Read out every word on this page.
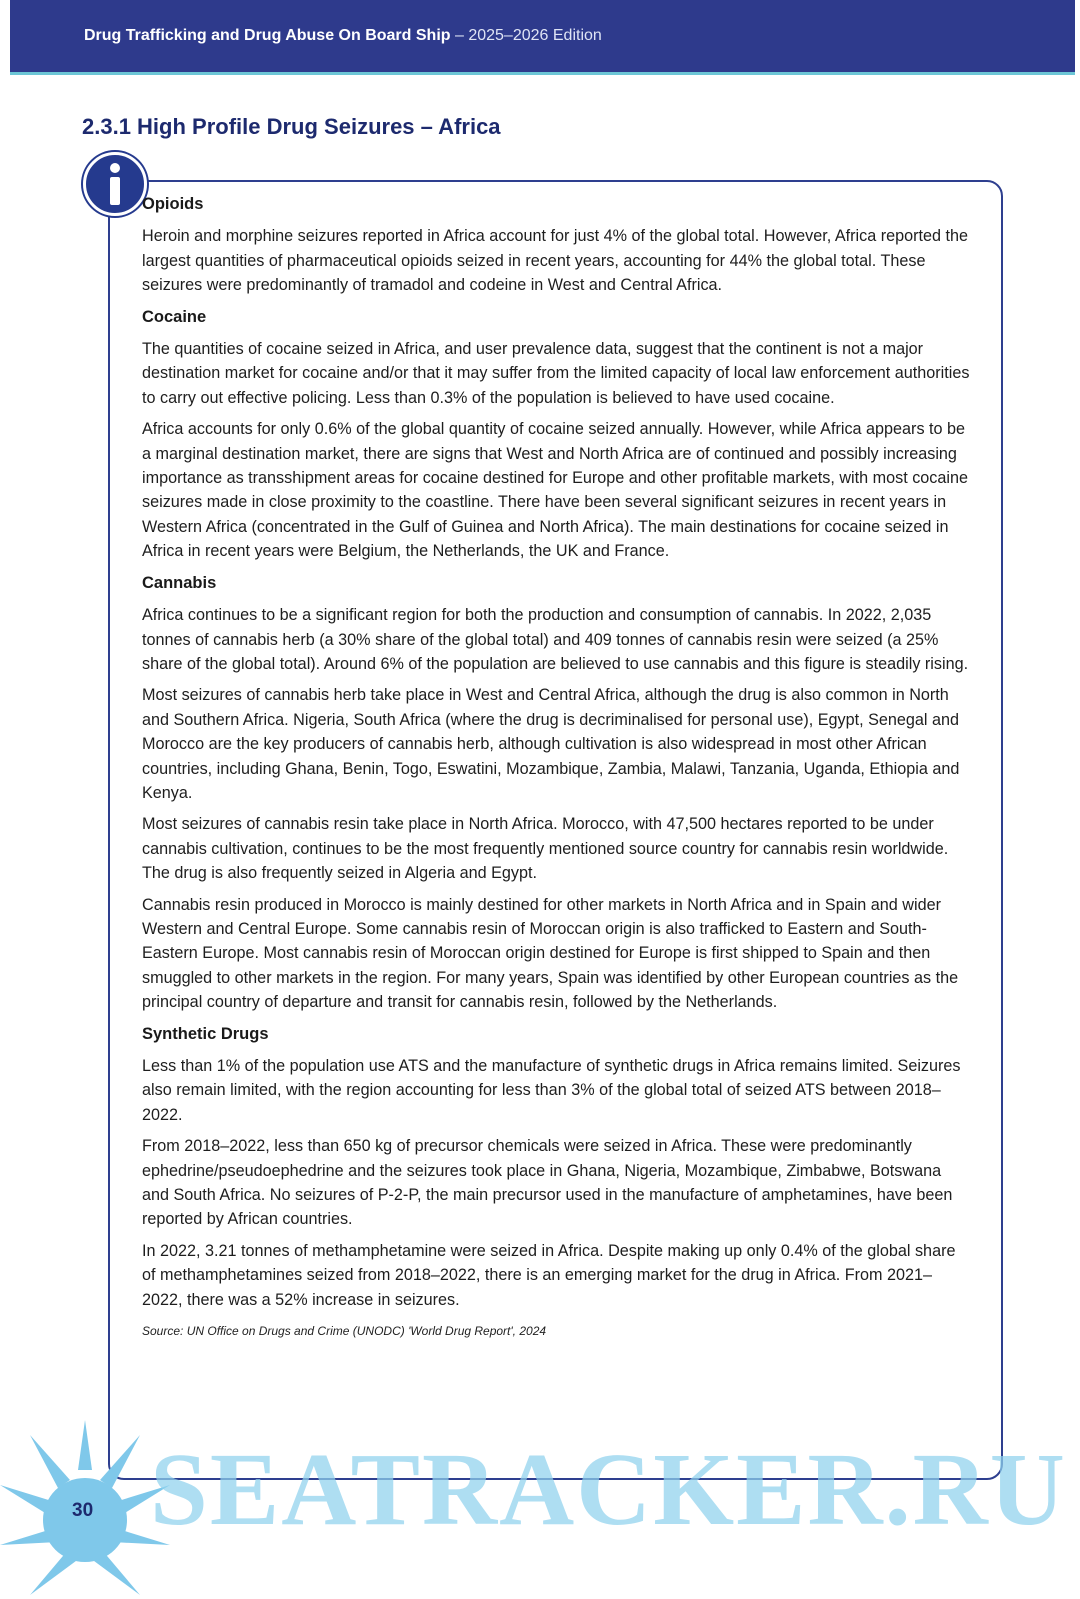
Drug Trafficking and Drug Abuse On Board Ship – 2025–2026 Edition
2.3.1 High Profile Drug Seizures – Africa
Opioids

Heroin and morphine seizures reported in Africa account for just 4% of the global total. However, Africa reported the largest quantities of pharmaceutical opioids seized in recent years, accounting for 44% the global total. These seizures were predominantly of tramadol and codeine in West and Central Africa.

Cocaine

The quantities of cocaine seized in Africa, and user prevalence data, suggest that the continent is not a major destination market for cocaine and/or that it may suffer from the limited capacity of local law enforcement authorities to carry out effective policing. Less than 0.3% of the population is believed to have used cocaine.

Africa accounts for only 0.6% of the global quantity of cocaine seized annually. However, while Africa appears to be a marginal destination market, there are signs that West and North Africa are of continued and possibly increasing importance as transshipment areas for cocaine destined for Europe and other profitable markets, with most cocaine seizures made in close proximity to the coastline. There have been several significant seizures in recent years in Western Africa (concentrated in the Gulf of Guinea and North Africa). The main destinations for cocaine seized in Africa in recent years were Belgium, the Netherlands, the UK and France.

Cannabis

Africa continues to be a significant region for both the production and consumption of cannabis. In 2022, 2,035 tonnes of cannabis herb (a 30% share of the global total) and 409 tonnes of cannabis resin were seized (a 25% share of the global total). Around 6% of the population are believed to use cannabis and this figure is steadily rising.

Most seizures of cannabis herb take place in West and Central Africa, although the drug is also common in North and Southern Africa. Nigeria, South Africa (where the drug is decriminalised for personal use), Egypt, Senegal and Morocco are the key producers of cannabis herb, although cultivation is also widespread in most other African countries, including Ghana, Benin, Togo, Eswatini, Mozambique, Zambia, Malawi, Tanzania, Uganda, Ethiopia and Kenya.

Most seizures of cannabis resin take place in North Africa. Morocco, with 47,500 hectares reported to be under cannabis cultivation, continues to be the most frequently mentioned source country for cannabis resin worldwide. The drug is also frequently seized in Algeria and Egypt.

Cannabis resin produced in Morocco is mainly destined for other markets in North Africa and in Spain and wider Western and Central Europe. Some cannabis resin of Moroccan origin is also trafficked to Eastern and South-Eastern Europe. Most cannabis resin of Moroccan origin destined for Europe is first shipped to Spain and then smuggled to other markets in the region. For many years, Spain was identified by other European countries as the principal country of departure and transit for cannabis resin, followed by the Netherlands.

Synthetic Drugs

Less than 1% of the population use ATS and the manufacture of synthetic drugs in Africa remains limited. Seizures also remain limited, with the region accounting for less than 3% of the global total of seized ATS between 2018–2022.

From 2018–2022, less than 650 kg of precursor chemicals were seized in Africa. These were predominantly ephedrine/pseudoephedrine and the seizures took place in Ghana, Nigeria, Mozambique, Zimbabwe, Botswana and South Africa. No seizures of P-2-P, the main precursor used in the manufacture of amphetamines, have been reported by African countries.

In 2022, 3.21 tonnes of methamphetamine were seized in Africa. Despite making up only 0.4% of the global share of methamphetamines seized from 2018–2022, there is an emerging market for the drug in Africa. From 2021–2022, there was a 52% increase in seizures.

Source: UN Office on Drugs and Crime (UNODC) 'World Drug Report', 2024
30 SEATRACKER.RU
